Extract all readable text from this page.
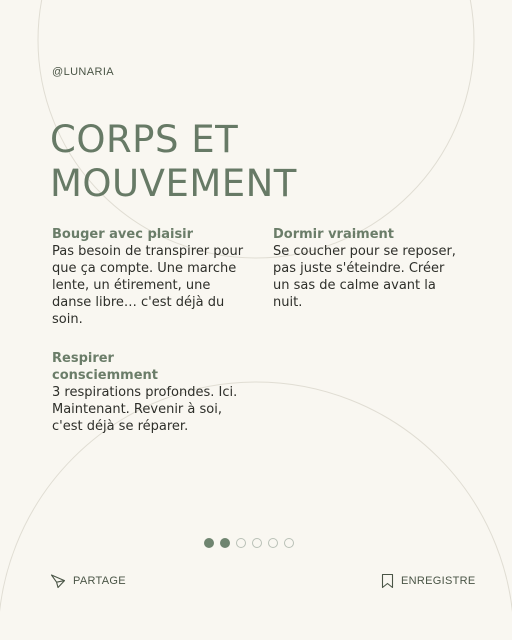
@LUNARIA
CORPS ET
MOUVEMENT
Bouger avec plaisir

Pas besoin de transpirer pour que ça compte. Une marche lente, un étirement, une danse libre… c'est déjà du soin.

Dormir vraiment

Se coucher pour se reposer, pas juste s'éteindre. Créer un sas de calme avant la nuit.

Respirer consciemment

3 respirations profondes. Ici. Maintenant. Revenir à soi, c'est déjà se réparer.

PARTAGE	ENREGISTRE
